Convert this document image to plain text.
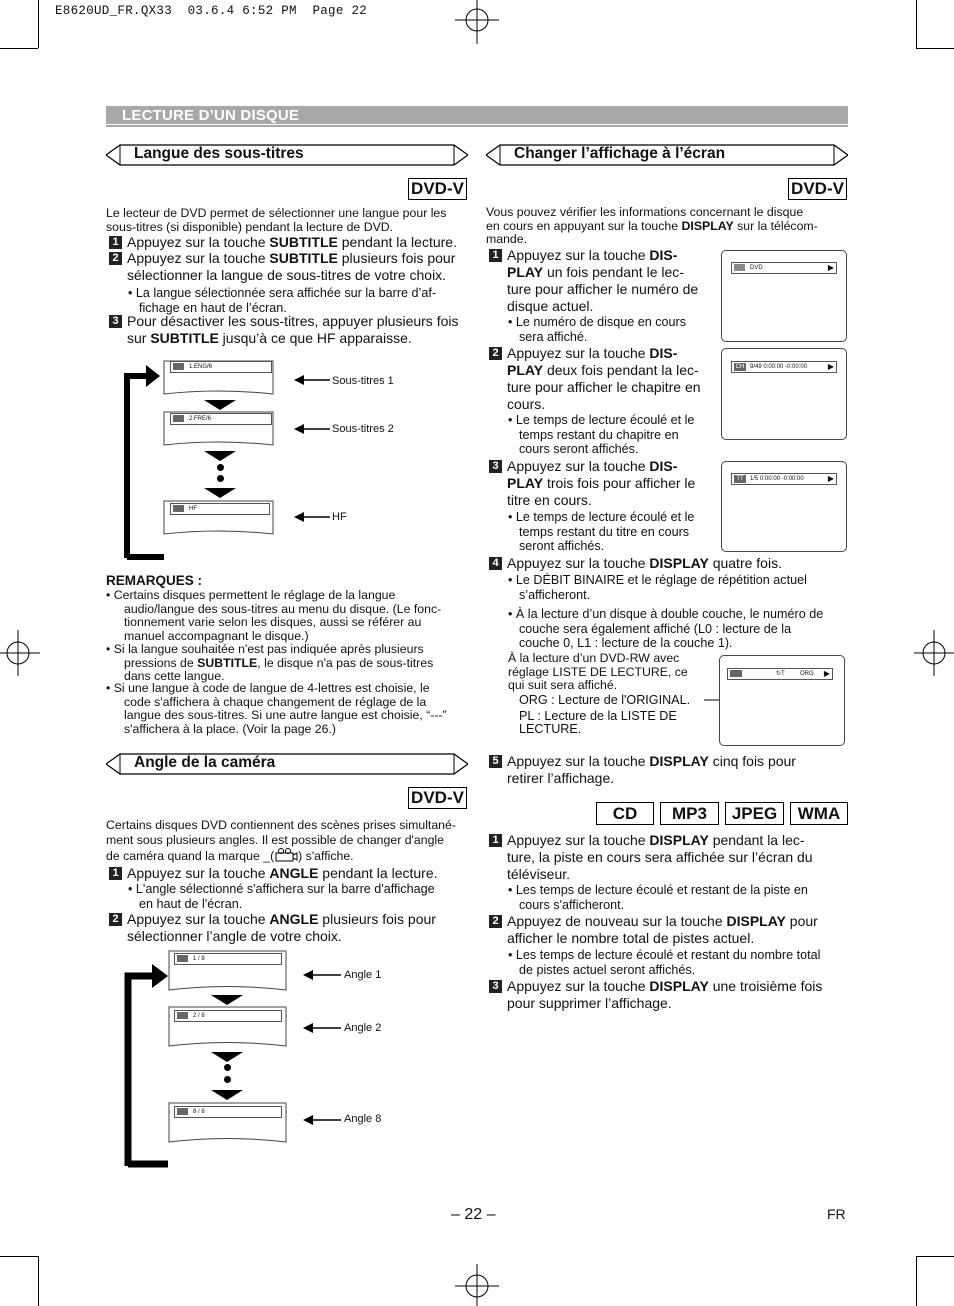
E8620UD_FR.QX33  03.6.4 6:52 PM  Page 22
LECTURE D’UN DISQUE
Langue des sous-titres
DVD-V
Le lecteur de DVD permet de sélectionner une langue pour les sous-titres (si disponible) pendant la lecture de DVD.
1 Appuyez sur la touche SUBTITLE pendant la lecture.
2 Appuyez sur la touche SUBTITLE plusieurs fois pour
sélectionner la langue de sous-titres de votre choix.
• La langue sélectionnée sera affichée sur la barre d’af-
fichage en haut de l’écran.
3 Pour désactiver les sous-titres, appuyer plusieurs fois
sur SUBTITLE jusqu’à ce que HF apparaisse.
1.ENG/6
2.FRE/6
HF
Sous-titres 1
Sous-titres 2
HF
REMARQUES :
• Certains disques permettent le réglage de la langue
audio/langue des sous-titres au menu du disque. (Le fonc-
tionnement varie selon les disques, aussi se référer au
manuel accompagnant le disque.)
• Si la langue souhaitée n'est pas indiquée après plusieurs
pressions de SUBTITLE, le disque n'a pas de sous-titres
dans cette langue.
• Si une langue à code de langue de 4-lettres est choisie, le
code s'affichera à chaque changement de réglage de la
langue des sous-titres. Si une autre langue est choisie, “---”
s'affichera à la place. (Voir la page 26.)
Angle de la caméra
DVD-V
Certains disques DVD contiennent des scènes prises simultané-
ment sous plusieurs angles. Il est possible de changer d'angle
de caméra quand la marque _( ) s'affiche.
1 Appuyez sur la touche ANGLE pendant la lecture.
• L'angle sélectionné s'affichera sur la barre d'affichage
en haut de l'écran.
2 Appuyez sur la touche ANGLE plusieurs fois pour
sélectionner l’angle de votre choix.
1 / 8
2 / 8
8 / 8
Angle 1
Angle 2
Angle 8
Changer l’affichage à l’écran
DVD-V
Vous pouvez vérifier les informations concernant le disque
en cours en appuyant sur la touche DISPLAY sur la télécom-
mande.
1 Appuyez sur la touche DIS-
PLAY un fois pendant le lec-
ture pour afficher le numéro de
disque actuel.
• Le numéro de disque en cours
sera affiché.
DVD	▶
2 Appuyez sur la touche DIS-
PLAY deux fois pendant la lec-
ture pour afficher le chapitre en
cours.
• Le temps de lecture écoulé et le
temps restant du chapitre en
cours seront affichés.
CH 9/49 0:00:00 -0:00:00	▶
3 Appuyez sur la touche DIS-
PLAY trois fois pour afficher le
titre en cours.
• Le temps de lecture écoulé et le
temps restant du titre en cours
seront affichés.
TT	1/5 0:00:00 -0:00:00	▶
4 Appuyez sur la touche DISPLAY quatre fois.
• Le DÉBIT BINAIRE et le réglage de répétition actuel
s’afficheront.
• À la lecture d’un disque à double couche, le numéro de
couche sera également affiché (L0 : lecture de la
couche 0, L1 : lecture de la couche 1).
À la lecture d’un DVD-RW avec
réglage LISTE DE LECTURE, ce
qui suit sera affiché.
ORG : Lecture de l'ORIGINAL.
PL : Lecture de la LISTE DE
LECTURE.
↻T	ORG ▶
5 Appuyez sur la touche DISPLAY cinq fois pour
retirer l’affichage.
CD	MP3	JPEG	WMA
1 Appuyez sur la touche DISPLAY pendant la lec-
ture, la piste en cours sera affichée sur l’écran du
téléviseur.
• Les temps de lecture écoulé et restant de la piste en
cours s'afficheront.
2 Appuyez de nouveau sur la touche DISPLAY pour
afficher le nombre total de pistes actuel.
• Les temps de lecture écoulé et restant du nombre total
de pistes actuel seront affichés.
3 Appuyez sur la touche DISPLAY une troisième fois
pour supprimer l’affichage.
– 22 –	FR
